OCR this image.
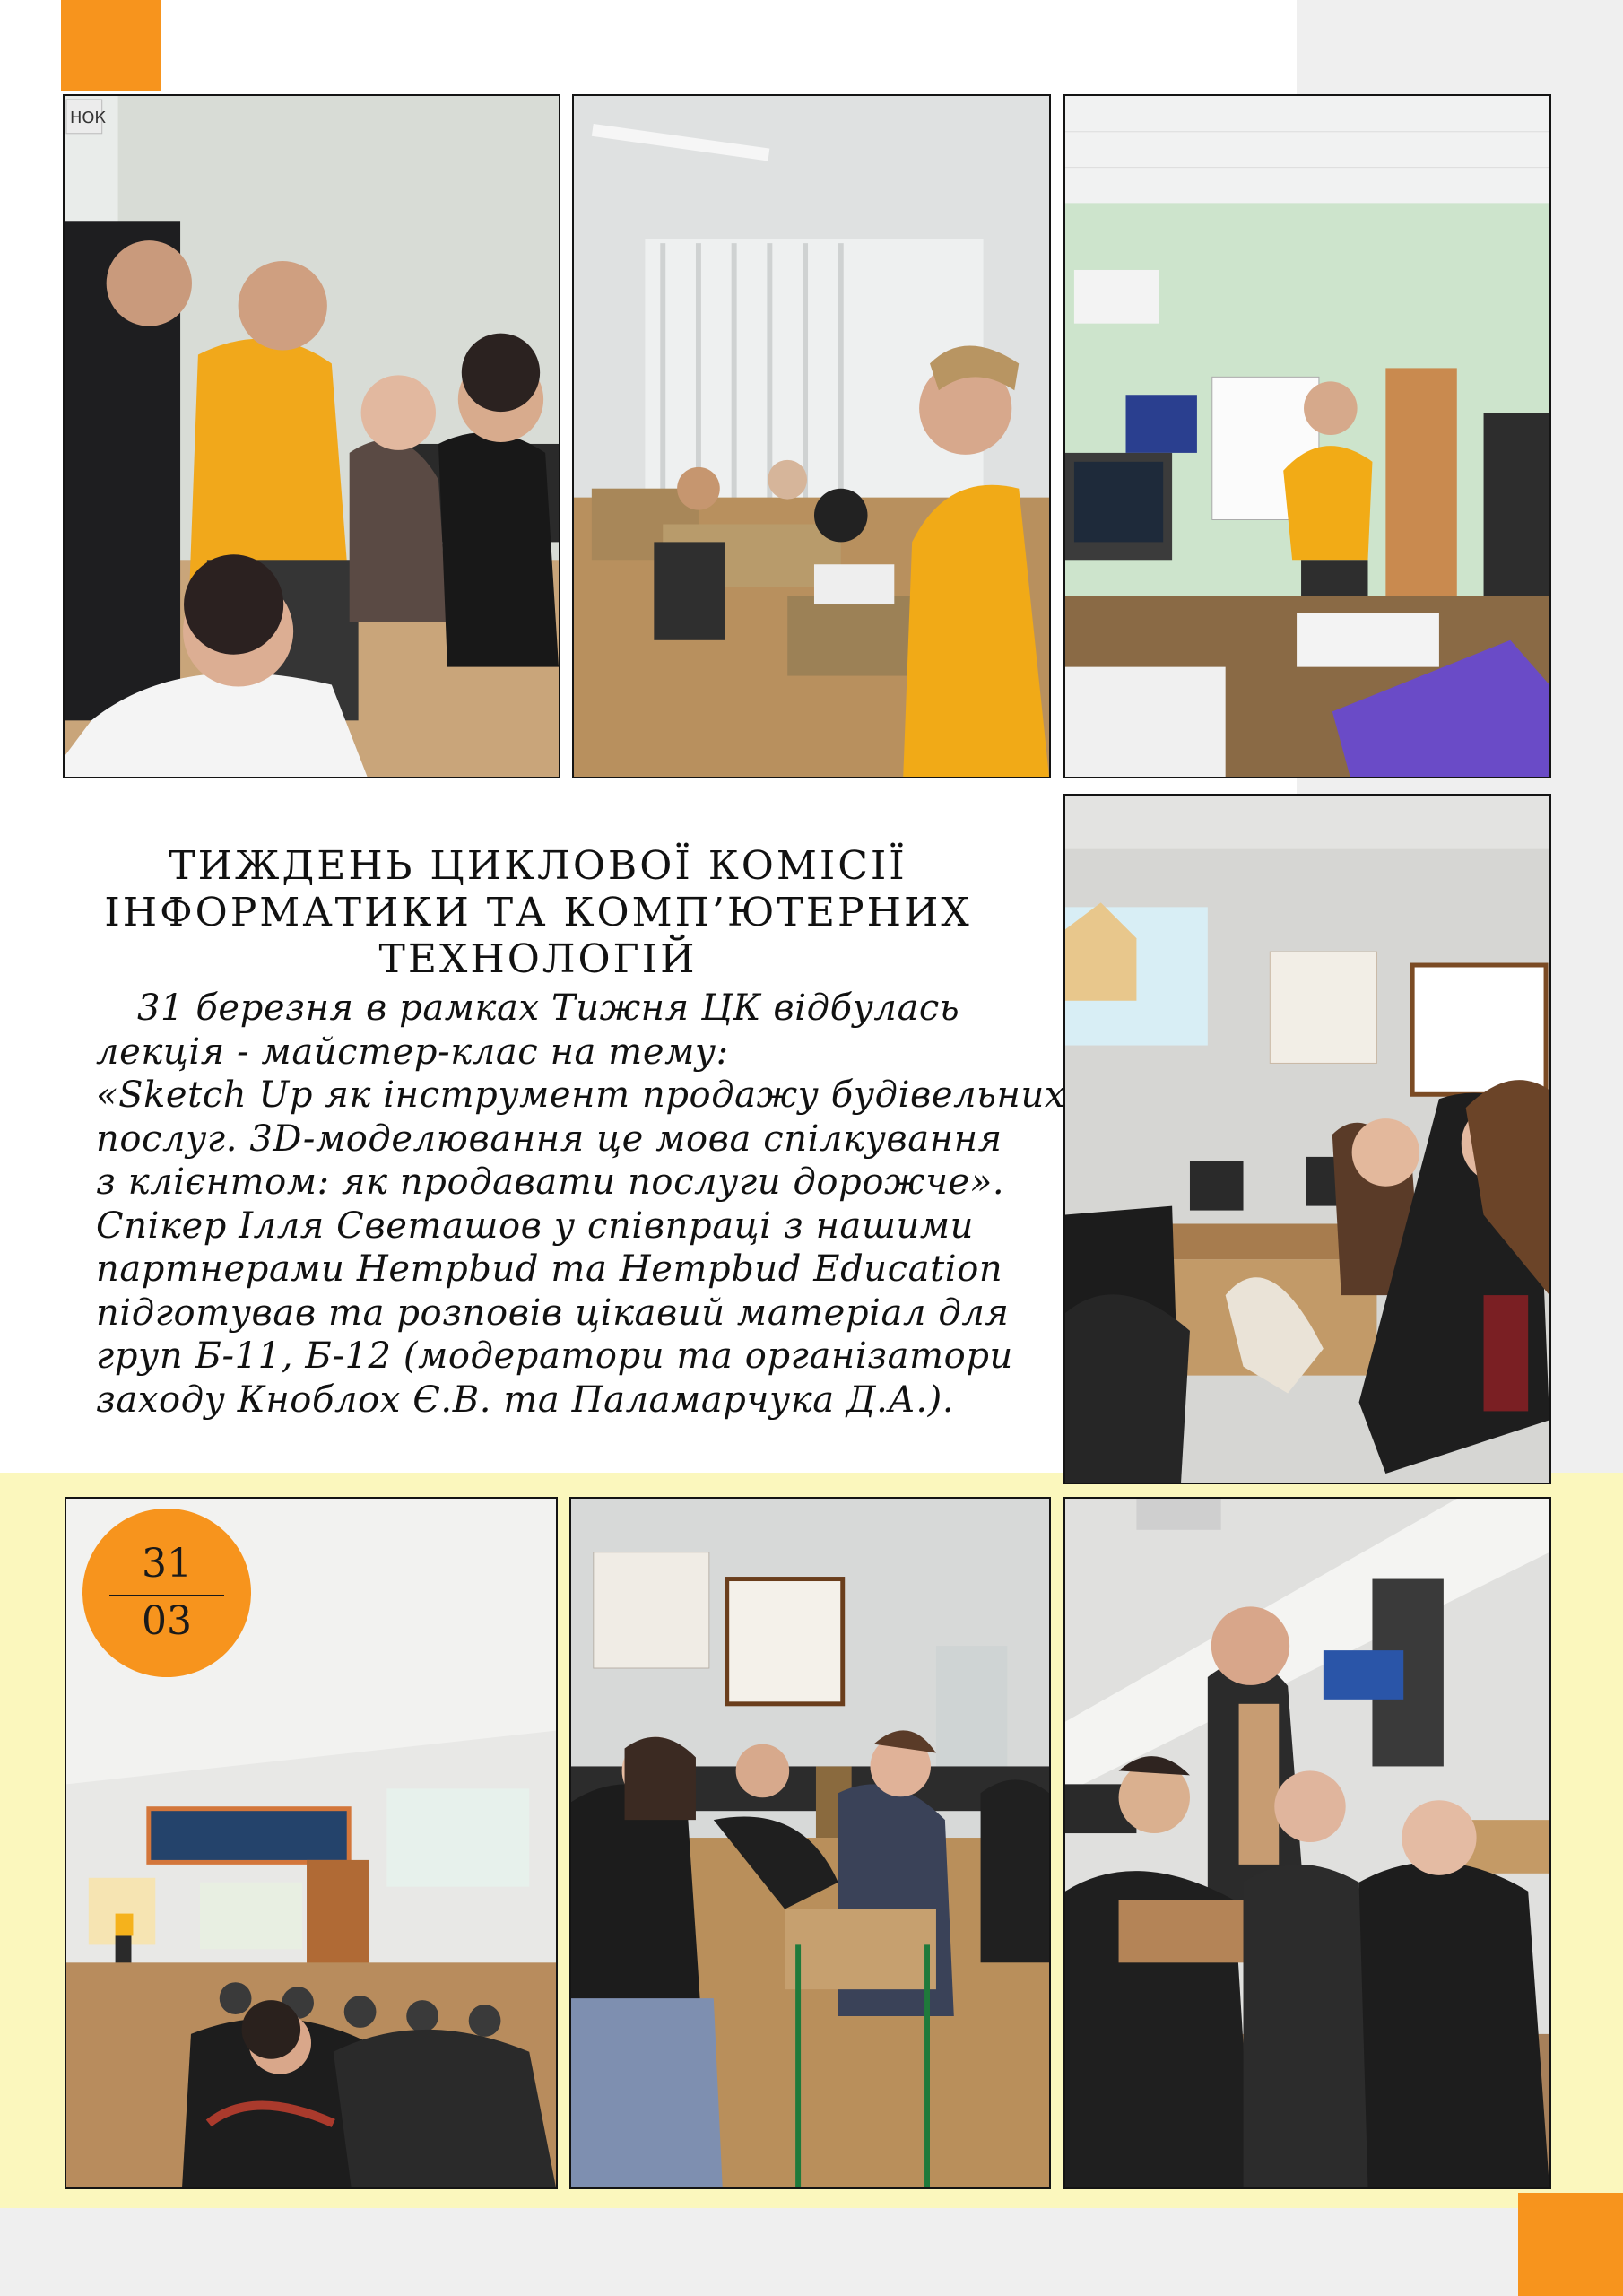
НОК
31
03
ТИЖДЕНЬ ЦИКЛОВОЇ КОМІСІЇ
ІНФОРМАТИКИ ТА КОМП’ЮТЕРНИХ
ТЕХНОЛОГІЙ
31 березня в рамках Тижня ЦК відбулась
лекція - майстер-клас на тему:
«Sketch Up як інструмент продажу будівельних
послуг. 3D-моделювання це мова спілкування
з клієнтом: як продавати послуги дорожче».
Спікер Ілля Светашов у співпраці з нашими
партнерами Hempbud та Hempbud Education
підготував та розповів цікавий матеріал для
груп Б-11, Б-12 (модератори та організатори
заходу Кноблох Є.В. та Паламарчука Д.А.).
